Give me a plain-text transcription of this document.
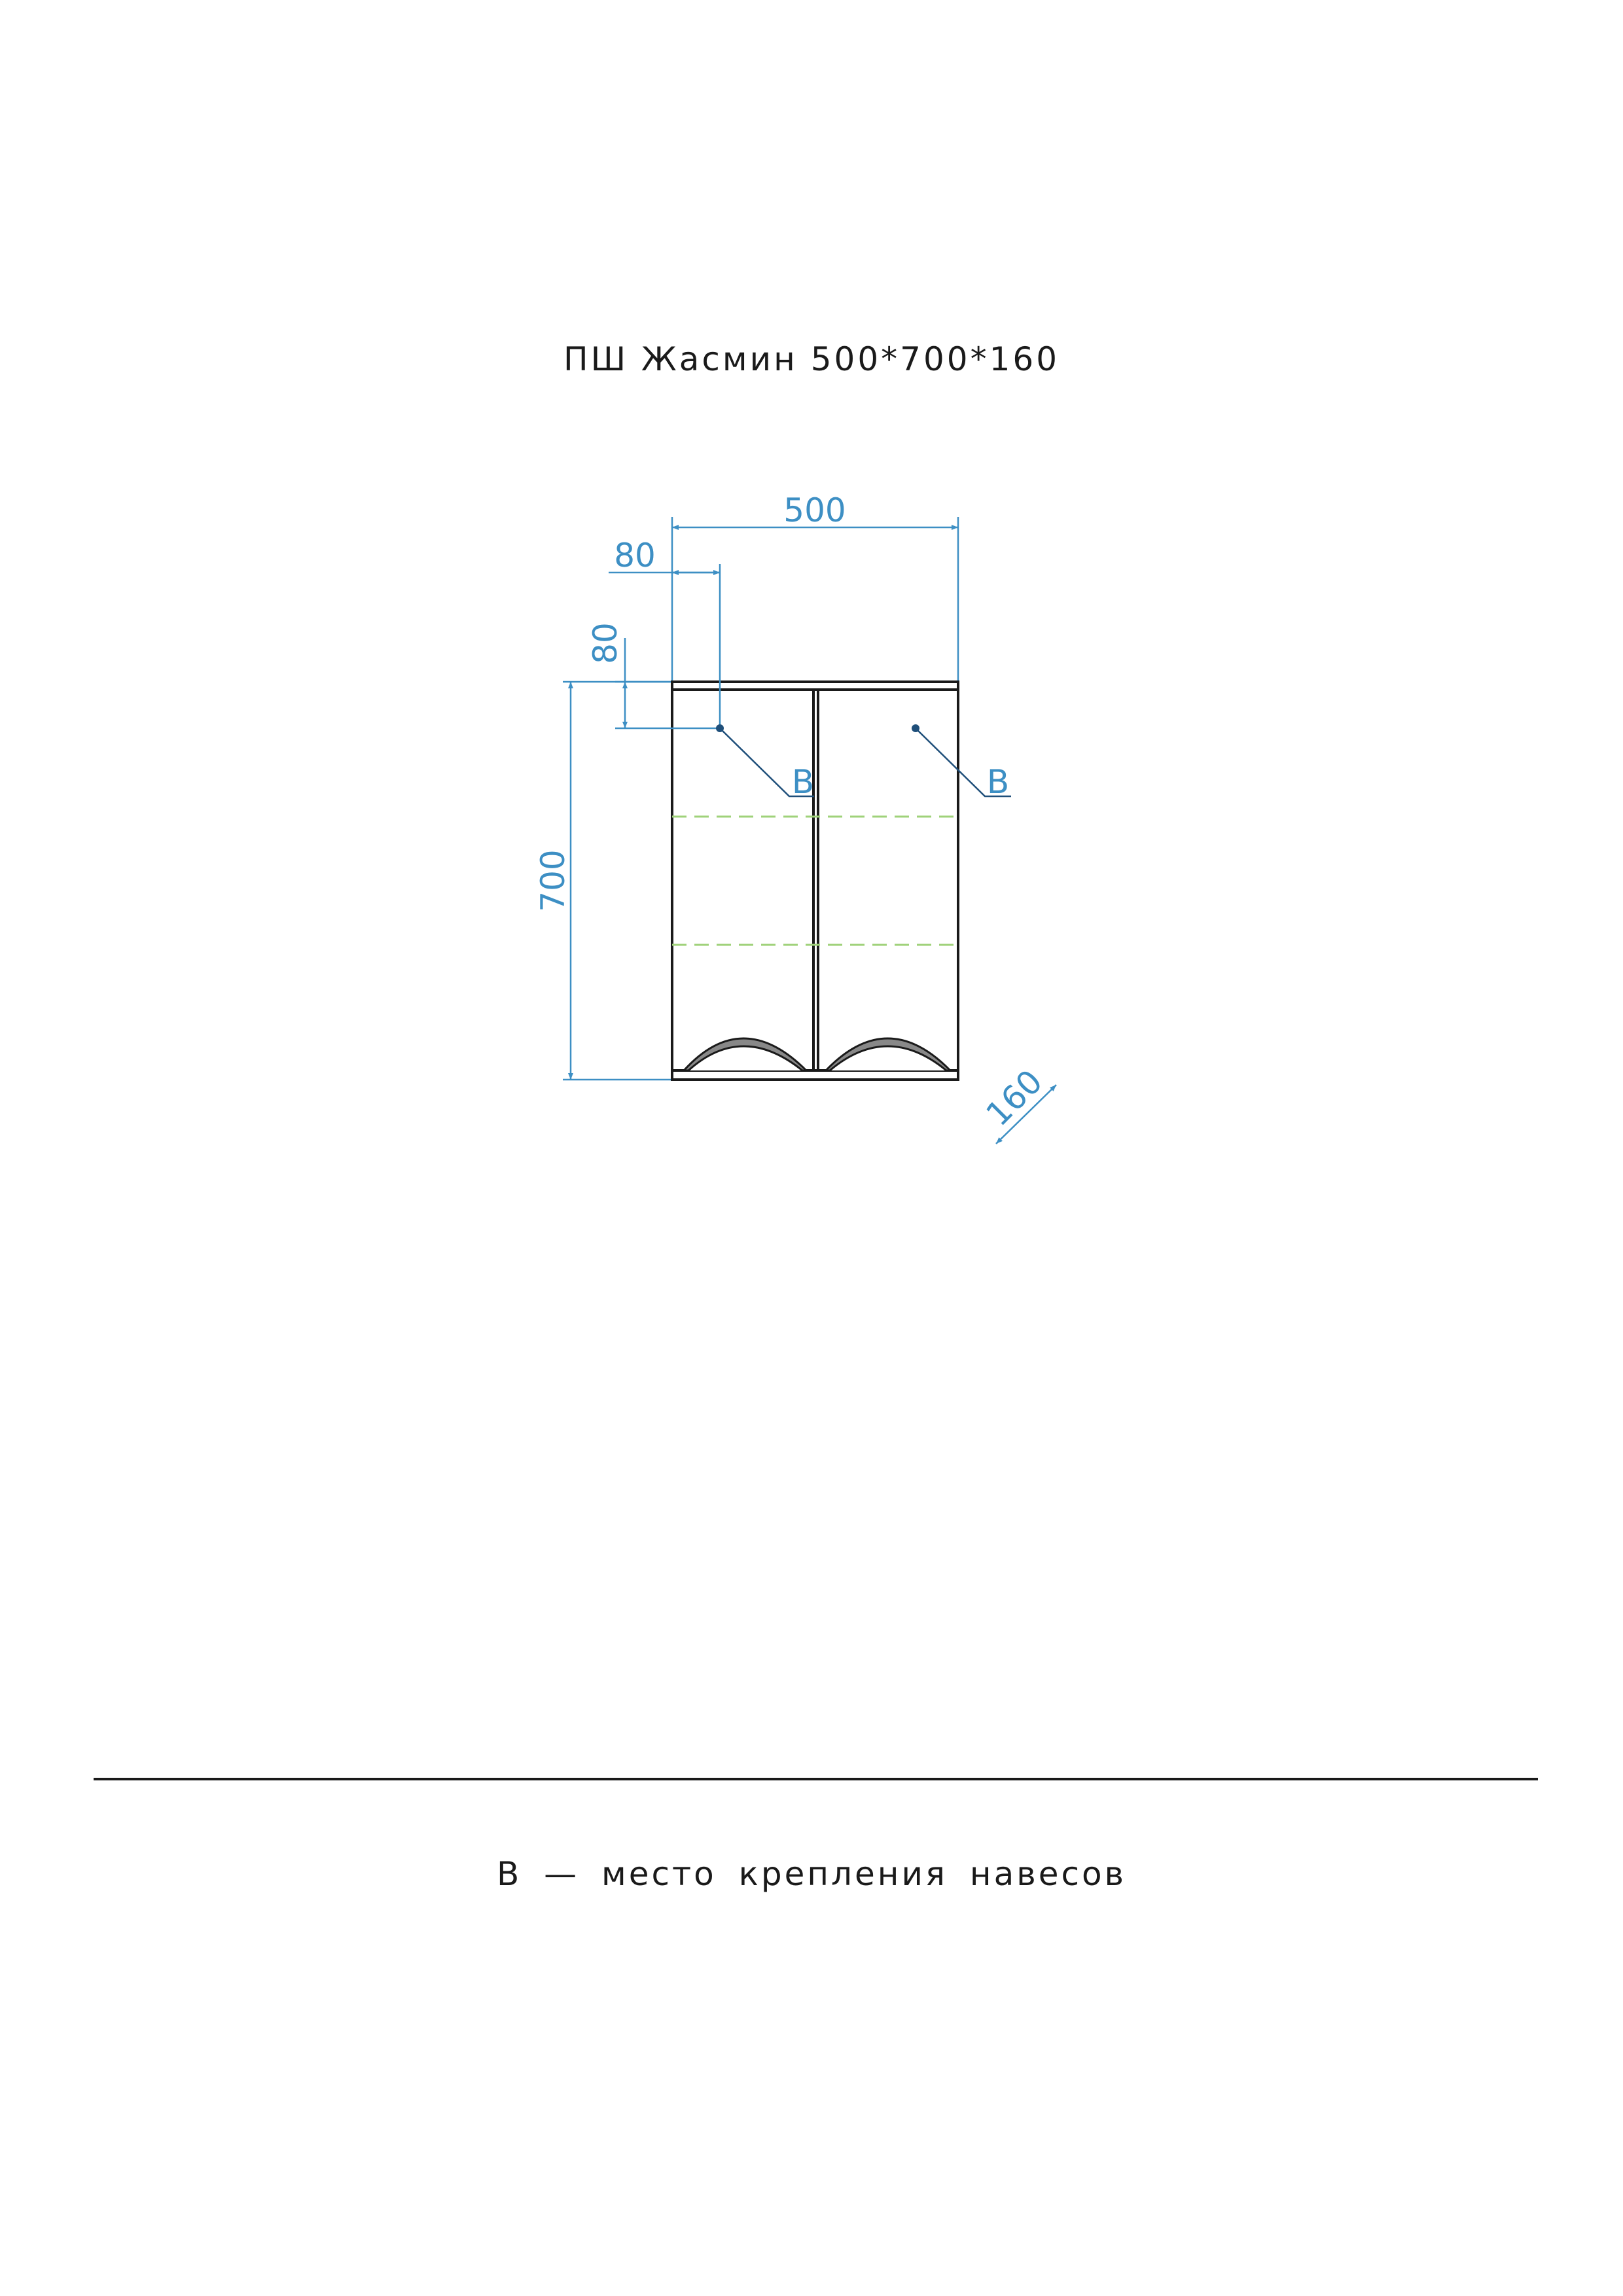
ПШ Жасмин 500*700*160
500
80
80
700
160
В	В
В — место крепления навесов
